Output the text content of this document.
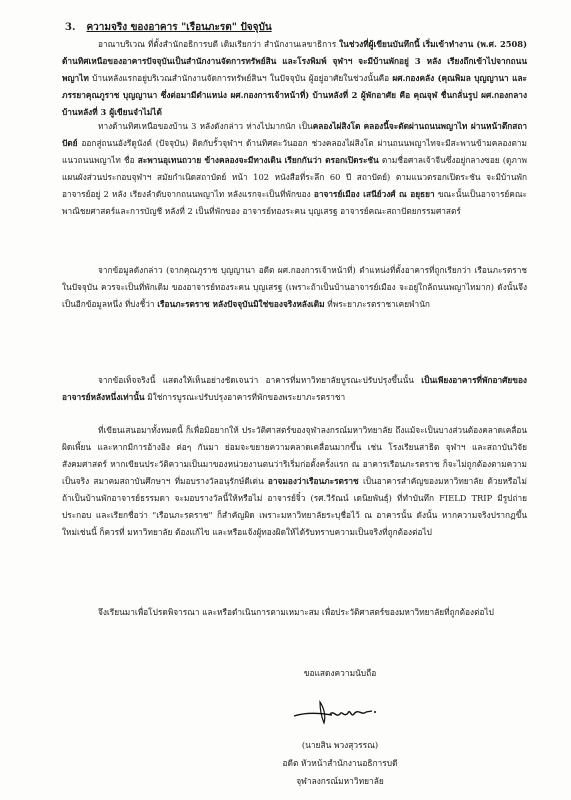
3. ความจริง ของอาคาร "เรือนภะรต" ปัจจุบัน

อาณาบริเวณ ที่ตั้งสำนักอธิการบดี เดิมเรียกว่า สำนักงานเลขาธิการ ในช่วงที่ผู้เขียนบันทึกนี้ เริ่มเข้าทำงาน (พ.ศ. 2508) ด้านทิศเหนือของอาคารปัจจุบันเป็นสำนักงานจัดการทรัพย์สิน และโรงพิมพ์ จุฬาฯ จะมีบ้านพักอยู่ 3 หลัง เรียงถึกเข้าไปจากถนนพญาไท บ้านหลังแรกอยู่บริเวณสำนักงานจัดการทรัพย์สินฯ ในปัจจุบัน ผู้อยู่อาศัยในช่วงนั้นคือ ผศ.กองคลัง (คุณพิมล บุญญานา และภรรยาคุณภูราช บุญญานา ซึ่งต่อมามีตำแหน่ง ผศ.กองการเจ้าหน้าที่) บ้านหลังที่ 2 ผู้พักอาศัย คือ คุณจุฬ ชื่นกลั่นรูป ผศ.กองกลาง บ้านหลังที่ 3 ผู้เขียนจำไม่ได้

ทางด้านทิศเหนือของบ้าน 3 หลังดังกล่าว ห่างไปมากนัก เป็นคลองไผ่สิงโต คลองนี้จะตัดผ่านถนนพญาไท ผ่านหน้าตึกสถาปัตย์ ออกสู่ถนนอังรีดูนังต์ (ปัจจุบัน) ติดกับรั้วจุฬาฯ ด้านทิศตะวันออก ช่วงคลองไผ่สิงโต ผ่านถนนพญาไทจะมีสะพานข้ามคลองตามแนวถนนพญาไท ชื่อ สะพานอุเทนถวาย ข้างคลองจะมีทางเดิน เรียกกันว่า ตรอกเปิดระชัน ตามชื่อศาลเจ้าจีนซึ่งอยู่กลางซอย (ดูภาพแผนผังส่วนประกอบจุฬาฯ สมัยกำเนิดสถาบัตย์ หน้า 102 หนังสือที่ระลึก 60 ปี สถาปัตย์) ตามแนวตรอกเปิดระชัน จะมีบ้านพักอาจารย์อยู่ 2 หลัง เรียงลำดับจากถนนพญาไท หลังแรกจะเป็นที่พักของ อาจารย์เมือง เสนีย์วงศ์ ณ อยุธยา ขณะนั้นเป็นอาจารย์คณะพาณิชยศาสตร์และการบัญชี หลังที่ 2 เป็นที่พักของ อาจารย์ทองระคน บุญเสรฐ อาจารย์คณะสถาปัตยกรรมศาสตร์

จากข้อมูลดังกล่าว (จากคุณภูราช บุญญานา อดีต ผศ.กองการเจ้าหน้าที่) ตำแหน่งที่ตั้งอาคารที่ถูกเรียกว่า เรือนภะรตราช ในปัจจุบัน ควรจะเป็นที่พักเดิม ของอาจารย์ทองระคน บุญเสรฐ (เพราะถ้าเป็นบ้านอาจารย์เมือง จะอยู่ใกล้ถนนพญาไทมาก) ดังนั้นจึงเป็นอีกข้อมูลหนึ่ง ที่บ่งชี้ว่า เรือนภะรตราช หลังปัจจุบันมิใช่ของจริงหลังเดิม ที่พระยาภะรตราชาเคยพำนัก

จากข้อเท็จจริงนี้ แสดงให้เห็นอย่างชัดเจนว่า อาคารที่มหาวิทยาลัยบูรณะปรับปรุงขึ้นนั้น เป็นเพียงอาคารที่พักอาศัยของอาจารย์หลังหนึ่งเท่านั้น มิใช่การบูรณะปรับปรุงอาคารที่พักของพระยาภะรตราชา

ที่เขียนเสนอมาทั้งหมดนี้ ก็เพื่อมิอยากให้ ประวัติศาสตร์ของจุฬาลงกรณ์มหาวิทยาลัย ถึงแม้จะเป็นบางส่วนต้องคลาดเคลื่อน ผิดเพี้ยน และหากมีการอ้างอิง ต่อๆ กันมา ย่อมจะขยายความคลาดเคลื่อนมากขึ้น เช่น โรงเรียนสาธิต จุฬาฯ และสถาบันวิจัยสังคมศาสตร์ หากเขียนประวัติความเป็นมาของหน่วยงานตนว่าริเริ่มก่อตั้งครั้งแรก ณ อาคารเรือนภะรตราช ก็จะไม่ถูกต้องตามความเป็นจริง สมาคมสถาบันศึกษาฯ ที่มอบรางวัลอนุรักษ์ดีเด่น อาจมองว่าเรือนภะรตราช เป็นอาคารสำคัญของมหาวิทยาลัย ด้วยหรือไม่ ถ้าเป็นบ้านพักอาจารย์ธรรมดา จะมอบรางวัลนี้ให้หรือไม่ อาจารย์จิ๋ว (รศ.วีรัณน์ เดนิยพันธุ์) ที่ทำบันทึก FIELD TRIP มีรูปถ่ายประกอบ และเรียกชื่อว่า "เรือนภะรตราช" ก็สำคัญผิด เพราะมหาวิทยาลัยระบุชื่อไว้ ณ อาคารนั้น ดังนั้น หากความจริงปรากฏขึ้นใหม่เช่นนี้ ก็ควรที่ มหาวิทยาลัย ต้องแก้ไข และหรือแจ้งผู้ทองผิดให้ได้รับทราบความเป็นจริงที่ถูกต้องต่อไป

จึงเรียนมาเพื่อโปรดพิจารณา และหรือดำเนินการตามเหมาะสม เพื่อประวัติศาสตร์ของมหาวิทยาลัยที่ถูกต้องต่อไป

ขอแสดงความนับถือ
(นายสิน พวงสุวรรณ)
อดีต หัวหน้าสำนักงานอธิการบดี
จุฬาลงกรณ์มหาวิทยาลัย
